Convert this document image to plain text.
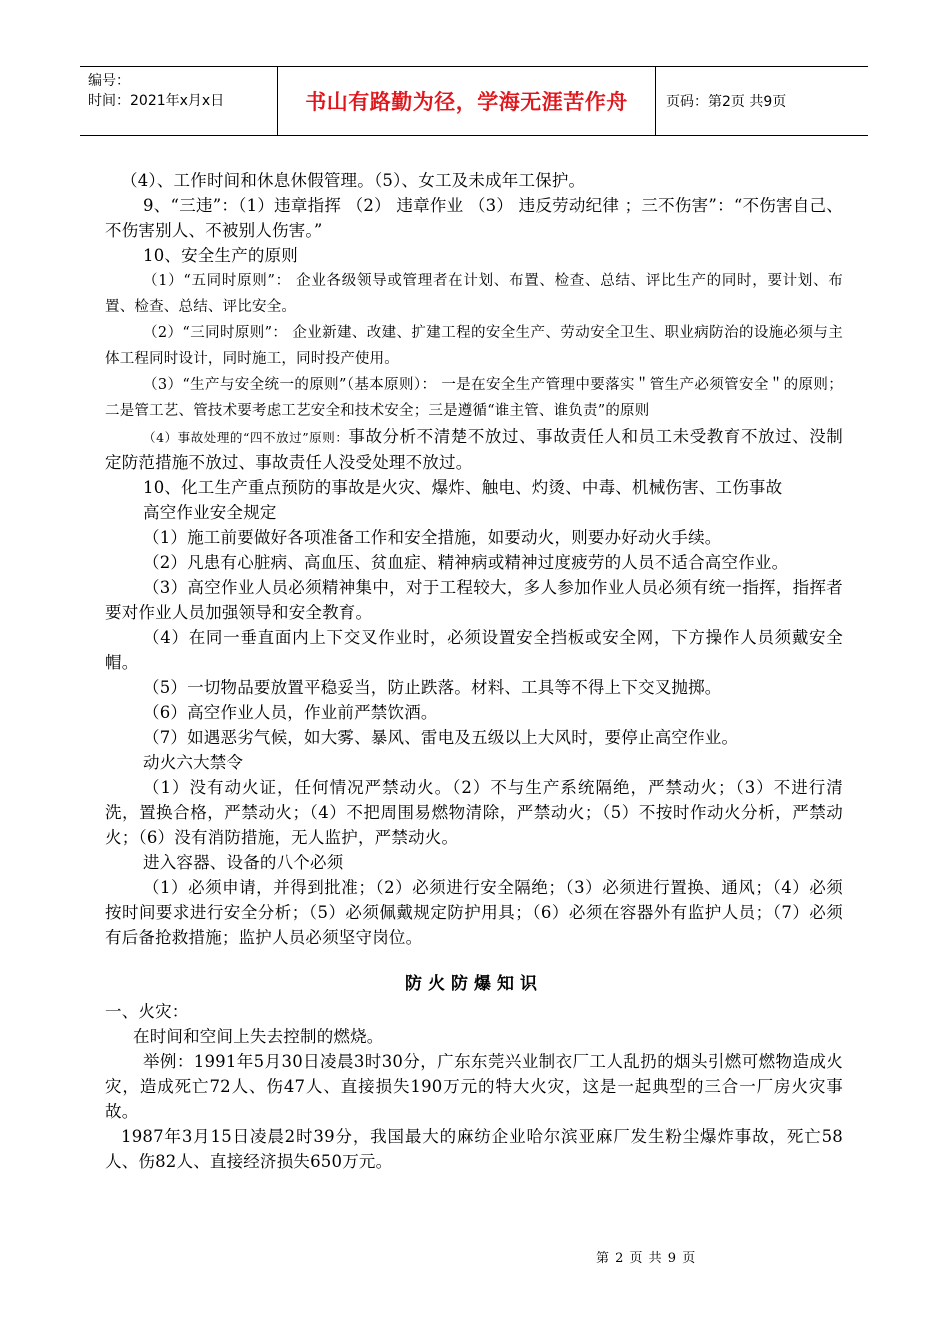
编号：
时间：2021年x月x日	书山有路勤为径，学海无涯苦作舟	页码：第2页 共9页

（4）、工作时间和休息休假管理。（5）、女工及未成年工保护。

9、“三违”：（1）违章指挥 （2） 违章作业 （3） 违反劳动纪律 ；三不伤害”：“不伤害自己、不伤害别人、不被别人伤害。”

10、安全生产的原则

（1）“五同时原则”： 企业各级领导或管理者在计划、布置、检查、总结、评比生产的同时，要计划、布置、检查、总结、评比安全。

（2）“三同时原则”： 企业新建、改建、扩建工程的安全生产、劳动安全卫生、职业病防治的设施必须与主体工程同时设计，同时施工，同时投产使用。

（3）“生产与安全统一的原则”（基本原则）： 一是在安全生产管理中要落实＂管生产必须管安全＂的原则；二是管工艺、管技术要考虑工艺安全和技术安全；三是遵循“谁主管、谁负责”的原则

（4）事故处理的“四不放过”原则：事故分析不清楚不放过、事故责任人和员工未受教育不放过、没制定防范措施不放过、事故责任人没受处理不放过。

10、化工生产重点预防的事故是火灾、爆炸、触电、灼烫、中毒、机械伤害、工伤事故

高空作业安全规定

（1）施工前要做好各项准备工作和安全措施，如要动火，则要办好动火手续。

（2）凡患有心脏病、高血压、贫血症、精神病或精神过度疲劳的人员不适合高空作业。

（3）高空作业人员必须精神集中，对于工程较大，多人参加作业人员必须有统一指挥，指挥者要对作业人员加强领导和安全教育。

（4）在同一垂直面内上下交叉作业时，必须设置安全挡板或安全网，下方操作人员须戴安全帽。

（5）一切物品要放置平稳妥当，防止跌落。材料、工具等不得上下交叉抛掷。

（6）高空作业人员，作业前严禁饮酒。

（7）如遇恶劣气候，如大雾、暴风、雷电及五级以上大风时，要停止高空作业。

动火六大禁令

（1）没有动火证，任何情况严禁动火。（2）不与生产系统隔绝，严禁动火；（3）不进行清洗，置换合格，严禁动火；（4）不把周围易燃物清除，严禁动火；（5）不按时作动火分析，严禁动火；（6）没有消防措施，无人监护，严禁动火。

进入容器、设备的八个必须

（1）必须申请，并得到批准；（2）必须进行安全隔绝；（3）必须进行置换、通风；（4）必须按时间要求进行安全分析；（5）必须佩戴规定防护用具；（6）必须在容器外有监护人员；（7）必须有后备抢救措施；监护人员必须坚守岗位。

防火防爆知识

一、火灾：

在时间和空间上失去控制的燃烧。

举例：1991年5月30日凌晨3时30分，广东东莞兴业制衣厂工人乱扔的烟头引燃可燃物造成火灾，造成死亡72人、伤47人、直接损失190万元的特大火灾，这是一起典型的三合一厂房火灾事故。

1987年3月15日凌晨2时39分，我国最大的麻纺企业哈尔滨亚麻厂发生粉尘爆炸事故，死亡58人、伤82人、直接经济损失650万元。

第 2 页 共 9 页
